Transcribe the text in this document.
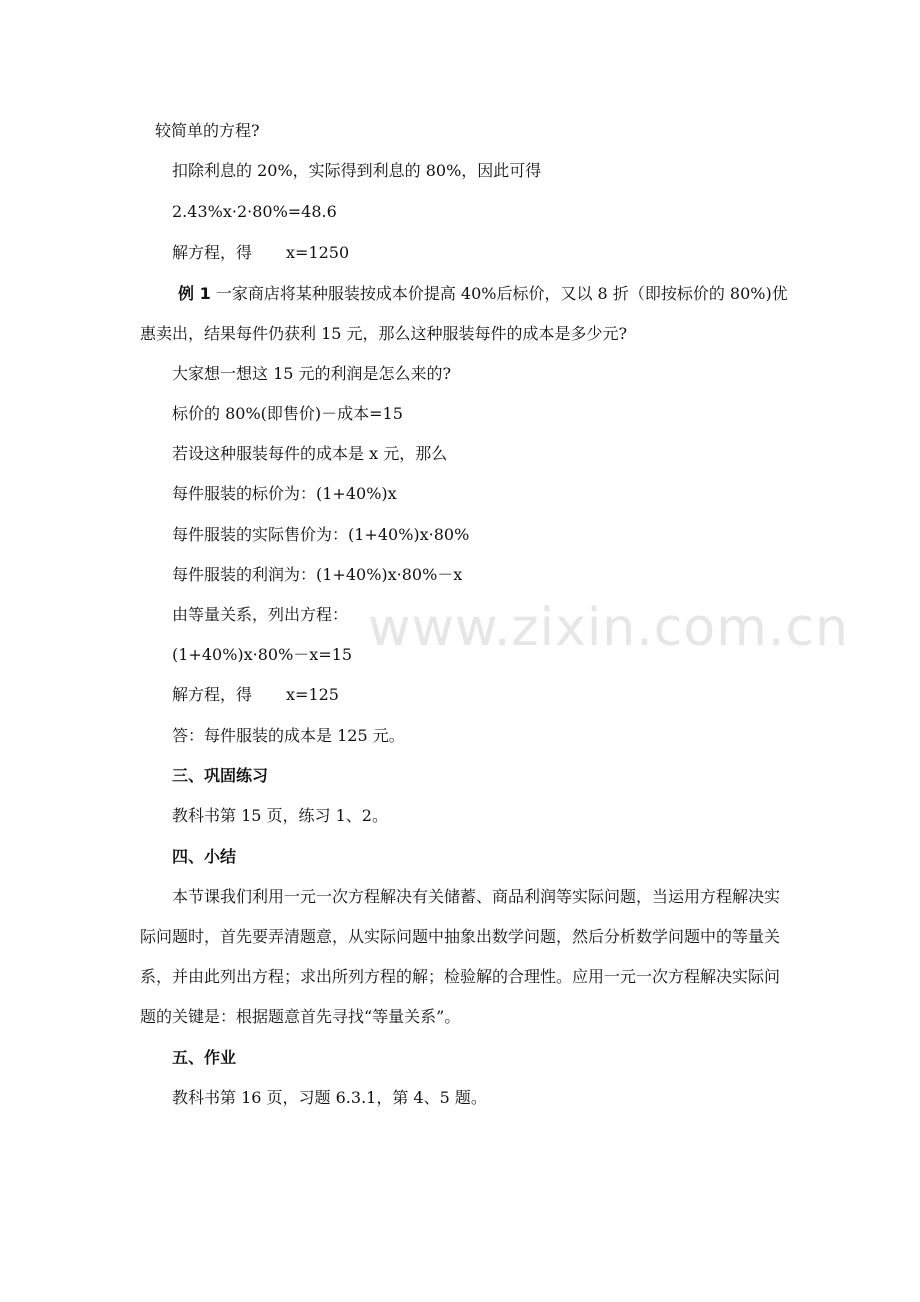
www.zixin.com.cn
较简单的方程?
扣除利息的 20%，实际得到利息的 80%，因此可得
2.43%x·2·80%=48.6
解方程，得 x=1250
例 1 一家商店将某种服装按成本价提高 40%后标价，又以 8 折（即按标价的 80%)优
惠卖出，结果每件仍获利 15 元，那么这种服装每件的成本是多少元?
大家想一想这 15 元的利润是怎么来的?
标价的 80%(即售价)－成本=15
若设这种服装每件的成本是 x 元，那么
每件服装的标价为：(1+40%)x
每件服装的实际售价为：(1+40%)x·80%
每件服装的利润为：(1+40%)x·80%－x
由等量关系，列出方程：
(1+40%)x·80%－x=15
解方程，得 x=125
答：每件服装的成本是 125 元。
三、巩固练习
教科书第 15 页，练习 1、2。
四、小结
本节课我们利用一元一次方程解决有关储蓄、商品利润等实际问题，当运用方程解决实
际问题时，首先要弄清题意，从实际问题中抽象出数学问题，然后分析数学问题中的等量关
系，并由此列出方程；求出所列方程的解；检验解的合理性。应用一元一次方程解决实际问
题的关键是：根据题意首先寻找“等量关系”。
五、作业
教科书第 16 页，习题 6.3.1，第 4、5 题。
